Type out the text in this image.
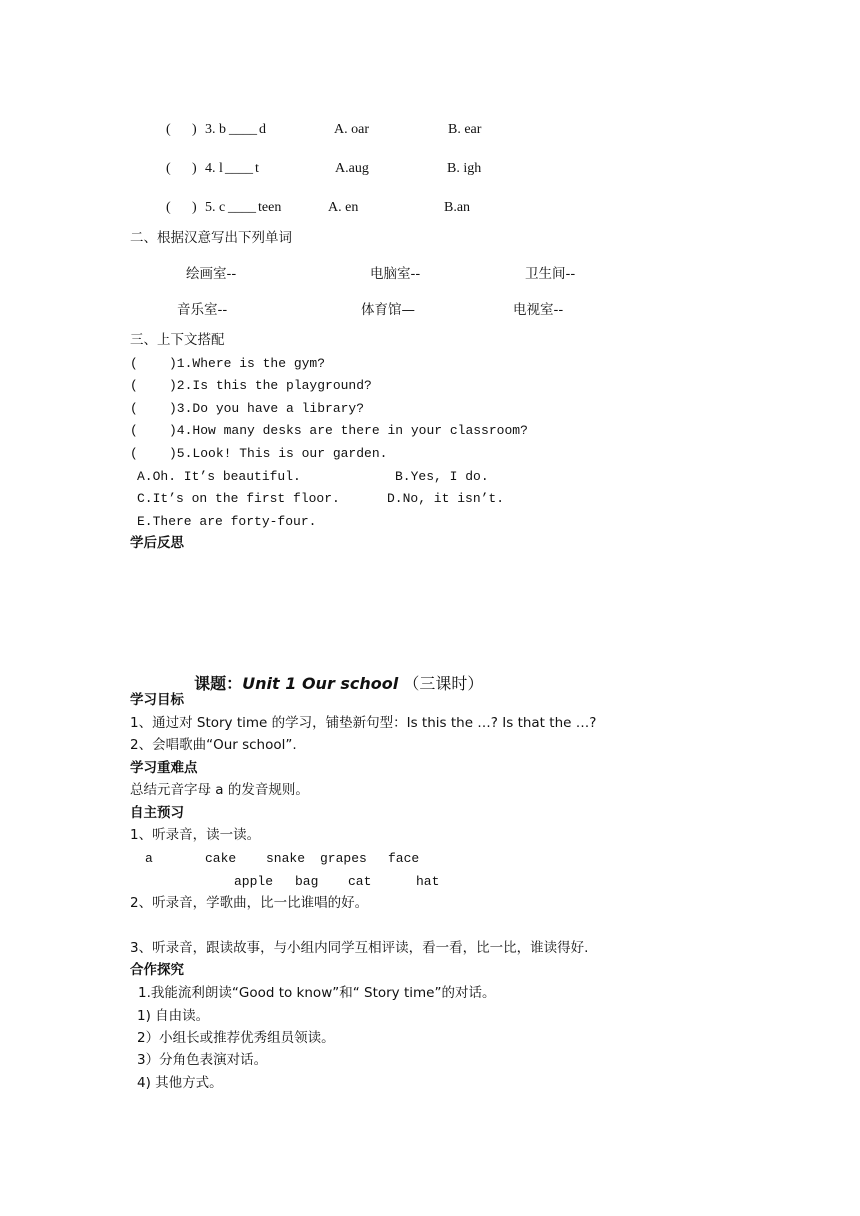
( ) 3. b ____ d	A. oar	B. ear
( ) 4. l ____ t	A.aug	B. igh
( ) 5. c ____ teen	A. en	B.an
二、根据汉意写出下列单词
绘画室--	电脑室--	卫生间--
音乐室--	体育馆—	电视室--
三、上下文搭配
(    )1.Where is the gym?
(    )2.Is this the playground?
(    )3.Do you have a library?
(    )4.How many desks are there in your classroom?
(    )5.Look! This is our garden.
A.Oh. It’s beautiful.	B.Yes, I do.
C.It’s on the first floor.	D.No, it isn’t.
E.There are forty-four.
学后反思

课题：Unit 1 Our school （三课时）

学习目标
1、通过对 Story time 的学习，铺垫新句型：Is this the …? Is that the …?
2、会唱歌曲“Our school”.
学习重难点
总结元音字母 a 的发音规则。
自主预习
1、听录音，读一读。
a	cake snake grapes face
apple bag cat	hat
2、听录音，学歌曲，比一比谁唱的好。
3、听录音，跟读故事，与小组内同学互相评读，看一看，比一比，谁读得好.
合作探究
1.我能流利朗读“Good to know”和“ Story time”的对话。
1) 自由读。
2）小组长或推荐优秀组员领读。
3）分角色表演对话。
4) 其他方式。
